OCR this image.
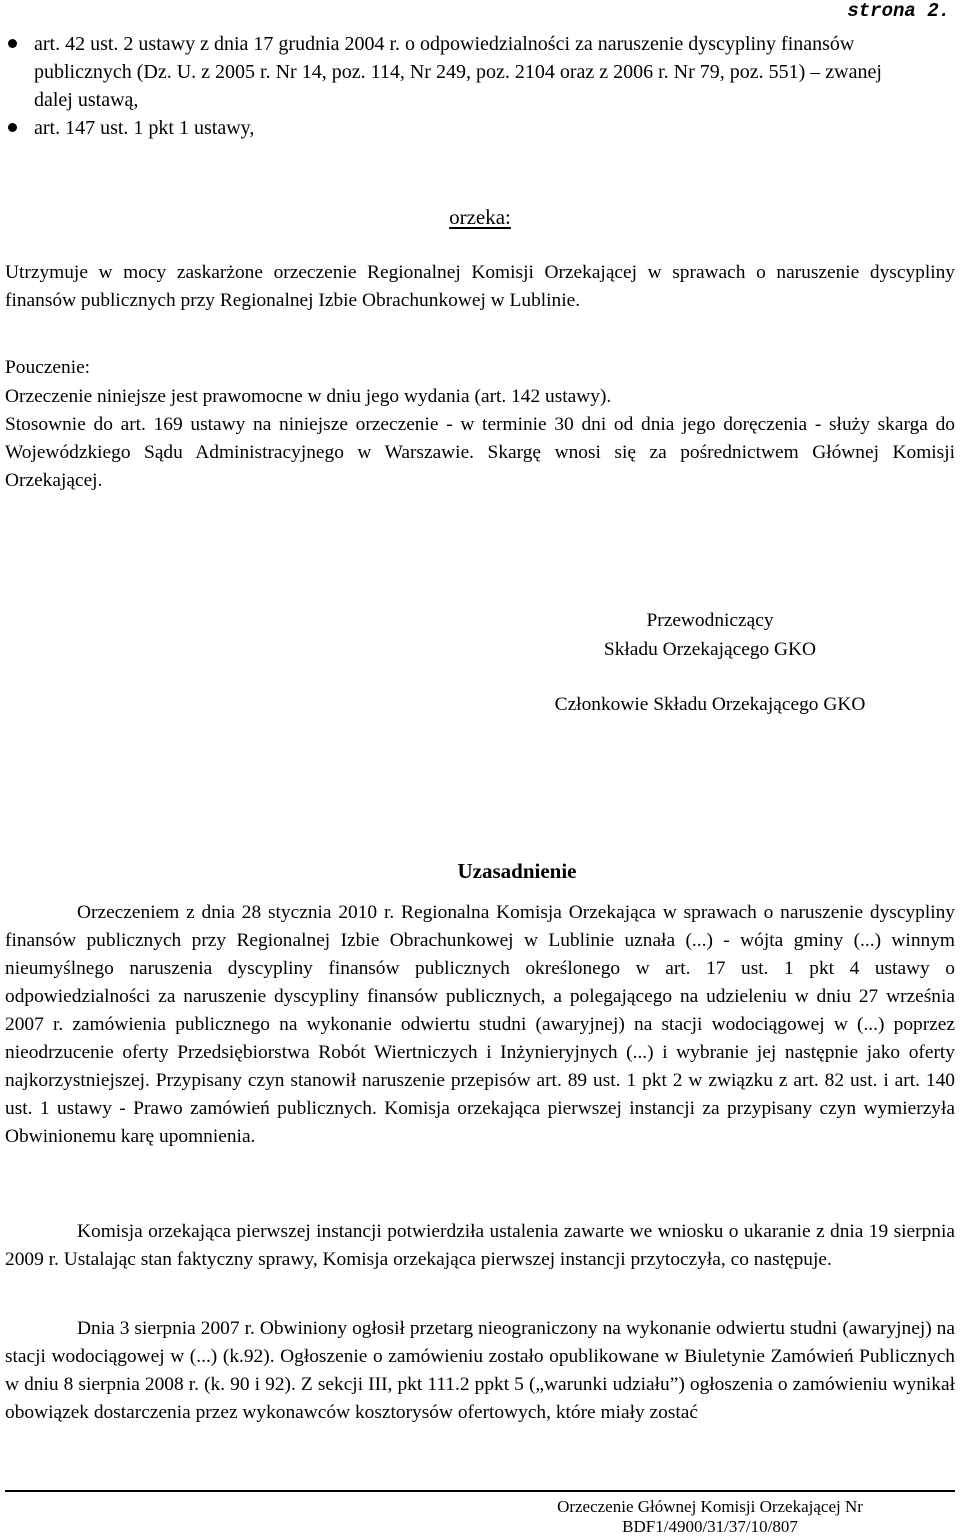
strona 2.
art. 42 ust. 2 ustawy z dnia 17 grudnia 2004 r. o odpowiedzialności za naruszenie dyscypliny finansów publicznych (Dz. U. z 2005 r. Nr 14, poz. 114, Nr 249, poz. 2104 oraz z 2006 r. Nr 79, poz. 551) – zwanej dalej ustawą,
art. 147 ust. 1 pkt 1 ustawy,
orzeka:

Utrzymuje w mocy zaskarżone orzeczenie Regionalnej Komisji Orzekającej w sprawach o naruszenie dyscypliny finansów publicznych przy Regionalnej Izbie Obrachunkowej w Lublinie.

Pouczenie:

Orzeczenie niniejsze jest prawomocne w dniu jego wydania (art. 142 ustawy).

Stosownie do art. 169 ustawy na niniejsze orzeczenie - w terminie 30 dni od dnia jego doręczenia - służy skarga do Wojewódzkiego Sądu Administracyjnego w Warszawie. Skargę wnosi się za pośrednictwem Głównej Komisji Orzekającej.

Przewodniczący
Składu Orzekającego GKO
Członkowie Składu Orzekającego GKO
Uzasadnienie

Orzeczeniem z dnia 28 stycznia 2010 r. Regionalna Komisja Orzekająca w sprawach o naruszenie dyscypliny finansów publicznych przy Regionalnej Izbie Obrachunkowej w Lublinie uznała (...) - wójta gminy (...) winnym nieumyślnego naruszenia dyscypliny finansów publicznych określonego w art. 17 ust. 1 pkt 4 ustawy o odpowiedzialności za naruszenie dyscypliny finansów publicznych, a polegającego na udzieleniu w dniu 27 września 2007 r. zamówienia publicznego na wykonanie odwiertu studni (awaryjnej) na stacji wodociągowej w (...) poprzez nieodrzucenie oferty Przedsiębiorstwa Robót Wiertniczych i Inżynieryjnych (...) i wybranie jej następnie jako oferty najkorzystniejszej. Przypisany czyn stanowił naruszenie przepisów art. 89 ust. 1 pkt 2 w związku z art. 82 ust. i art. 140 ust. 1 ustawy - Prawo zamówień publicznych. Komisja orzekająca pierwszej instancji za przypisany czyn wymierzyła Obwinionemu karę upomnienia.

Komisja orzekająca pierwszej instancji potwierdziła ustalenia zawarte we wniosku o ukaranie z dnia 19 sierpnia 2009 r. Ustalając stan faktyczny sprawy, Komisja orzekająca pierwszej instancji przytoczyła, co następuje.

Dnia 3 sierpnia 2007 r. Obwiniony ogłosił przetarg nieograniczony na wykonanie odwiertu studni (awaryjnej) na stacji wodociągowej w (...) (k.92). Ogłoszenie o zamówieniu zostało opublikowane w Biuletynie Zamówień Publicznych w dniu 8 sierpnia 2008 r. (k. 90 i 92). Z sekcji III, pkt 111.2 ppkt 5 („warunki udziału”) ogłoszenia o zamówieniu wynikał obowiązek dostarczenia przez wykonawców kosztorysów ofertowych, które miały zostać

Orzeczenie Głównej Komisji Orzekającej Nr BDF1/4900/31/37/10/807
